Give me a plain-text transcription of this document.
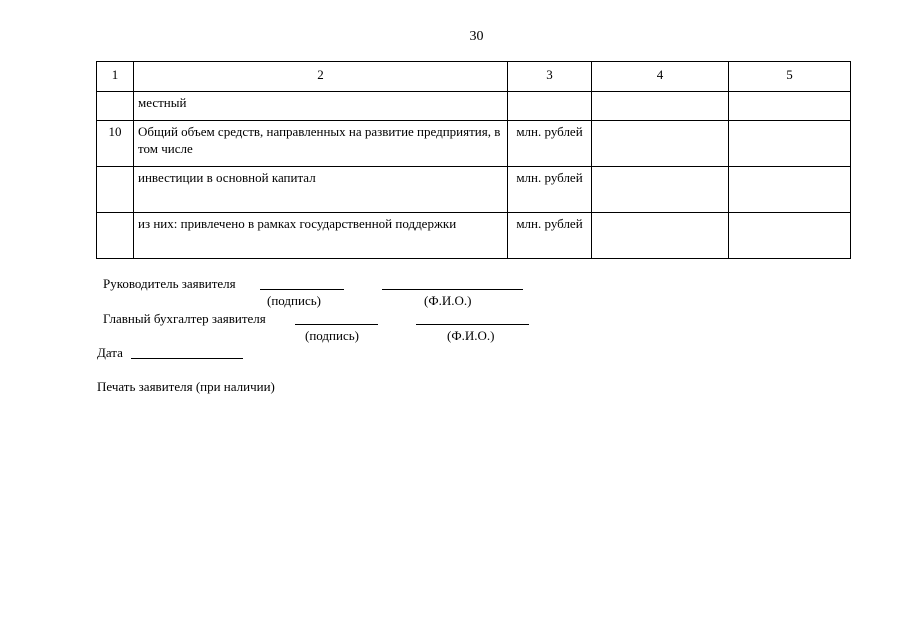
30
1	2	3	4	5
	местный			
10	Общий объем средств, направленных на развитие предприятия, в том числе	млн. рублей		
	инвестиции в основной капитал	млн. рублей		
	из них: привлечено в рамках государственной поддержки	млн. рублей		
Руководитель заявителя
(подпись)	(Ф.И.О.)
Главный бухгалтер заявителя
(подпись)	(Ф.И.О.)
Дата
Печать заявителя (при наличии)
